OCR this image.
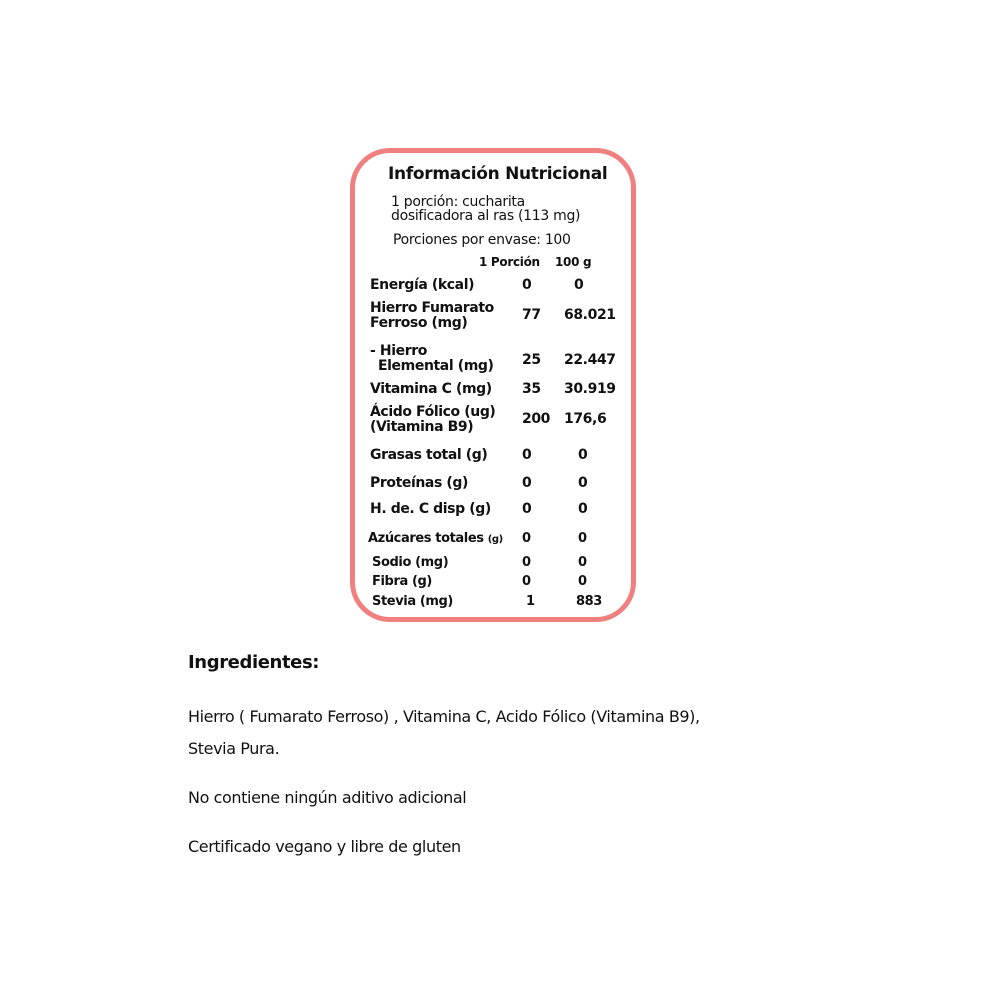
Información Nutricional
1 porción: cucharita
dosificadora al ras (113 mg)
Porciones por envase: 100
1 Porción 100 g
Energía (kcal)	0	0
Hierro Fumarato
Ferroso (mg)	77 68.021
- Hierro
Elemental (mg) 25 22.447
Vitamina C (mg) 35 30.919
Ácido Fólico (ug)
(Vitamina B9)	200 176,6
Grasas total (g) 0	0
Proteínas (g)	0	0
H. de. C disp (g) 0	0
Azúcares totales (g) 0	0
Sodio (mg)	0	0
Fibra (g)	0	0
Stevia (mg)	1	883
Ingredientes:
Hierro ( Fumarato Ferroso) , Vitamina C, Acido Fólico (Vitamina B9),
Stevia Pura.
No contiene ningún aditivo adicional
Certificado vegano y libre de gluten
